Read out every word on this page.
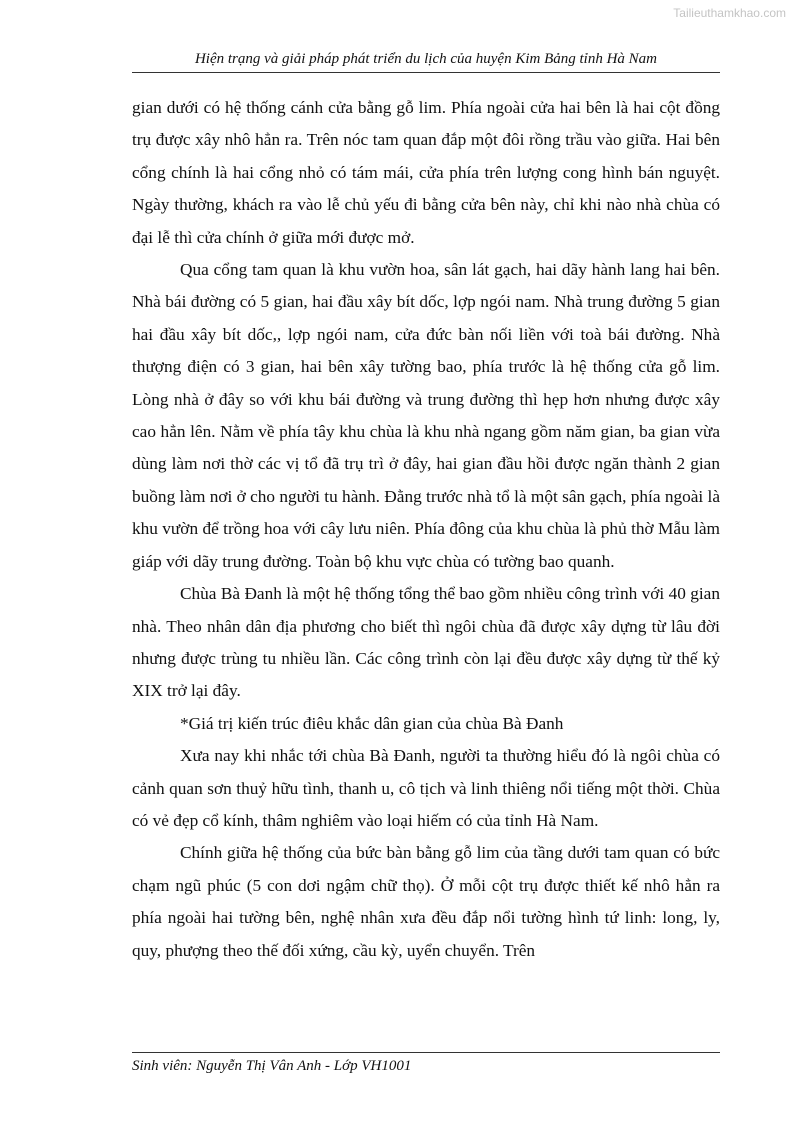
Tailieuthamkhao.com
Hiện trạng và giải pháp phát triển du lịch của huyện Kim Bảng tỉnh Hà Nam

gian dưới có hệ thống cánh cửa bằng gỗ lim. Phía ngoài cửa hai bên là hai cột đồng trụ được xây nhô hẳn ra. Trên nóc tam quan đắp một đôi rồng trầu vào giữa. Hai bên cổng chính là hai cổng nhỏ có tám mái, cửa phía trên lượng cong hình bán nguyệt. Ngày thường, khách ra vào lễ chủ yếu đi bằng cửa bên này, chỉ khi nào nhà chùa có đại lễ thì cửa chính ở giữa mới được mở.

Qua cổng tam quan là khu vườn hoa, sân lát gạch, hai dãy hành lang hai bên. Nhà bái đường có 5 gian, hai đầu xây bít dốc, lợp ngói nam. Nhà trung đường 5 gian hai đầu xây bít dốc,, lợp ngói nam, cửa đức bàn nối liền với toà bái đường. Nhà thượng điện có 3 gian, hai bên xây tường bao, phía trước là hệ thống cửa gỗ lim. Lòng nhà ở đây so với khu bái đường và trung đường thì hẹp hơn nhưng được xây cao hẳn lên. Nằm về phía tây khu chùa là khu nhà ngang gồm năm gian, ba gian vừa dùng làm nơi thờ các vị tổ đã trụ trì ở đây, hai gian đầu hồi được ngăn thành 2 gian buồng làm nơi ở cho người tu hành. Đằng trước nhà tổ là một sân gạch, phía ngoài là khu vườn để trồng hoa với cây lưu niên. Phía đông của khu chùa là phủ thờ Mẫu làm giáp với dãy trung đường. Toàn bộ khu vực chùa có tường bao quanh.

Chùa Bà Đanh là một hệ thống tổng thể bao gồm nhiều công trình với 40 gian nhà. Theo nhân dân địa phương cho biết thì ngôi chùa đã được xây dựng từ lâu đời nhưng được trùng tu nhiều lần. Các công trình còn lại đều được xây dựng từ thế kỷ XIX trở lại đây.

*Giá trị kiến trúc điêu khắc dân gian của chùa Bà Đanh

Xưa nay khi nhắc tới chùa Bà Đanh, người ta thường hiểu đó là ngôi chùa có cảnh quan sơn thuỷ hữu tình, thanh u, cô tịch và linh thiêng nổi tiếng một thời. Chùa có vẻ đẹp cổ kính, thâm nghiêm vào loại hiếm có của tỉnh Hà Nam.

Chính giữa hệ thống của bức bàn bằng gỗ lim của tầng dưới tam quan có bức chạm ngũ phúc (5 con dơi ngậm chữ thọ). Ở mỗi cột trụ được thiết kế nhô hẳn ra phía ngoài hai tường bên, nghệ nhân xưa đều đắp nổi tường hình tứ linh: long, ly, quy, phượng theo thế đối xứng, cầu kỳ, uyển chuyển. Trên

Sinh viên: Nguyễn Thị Vân Anh - Lớp VH1001
